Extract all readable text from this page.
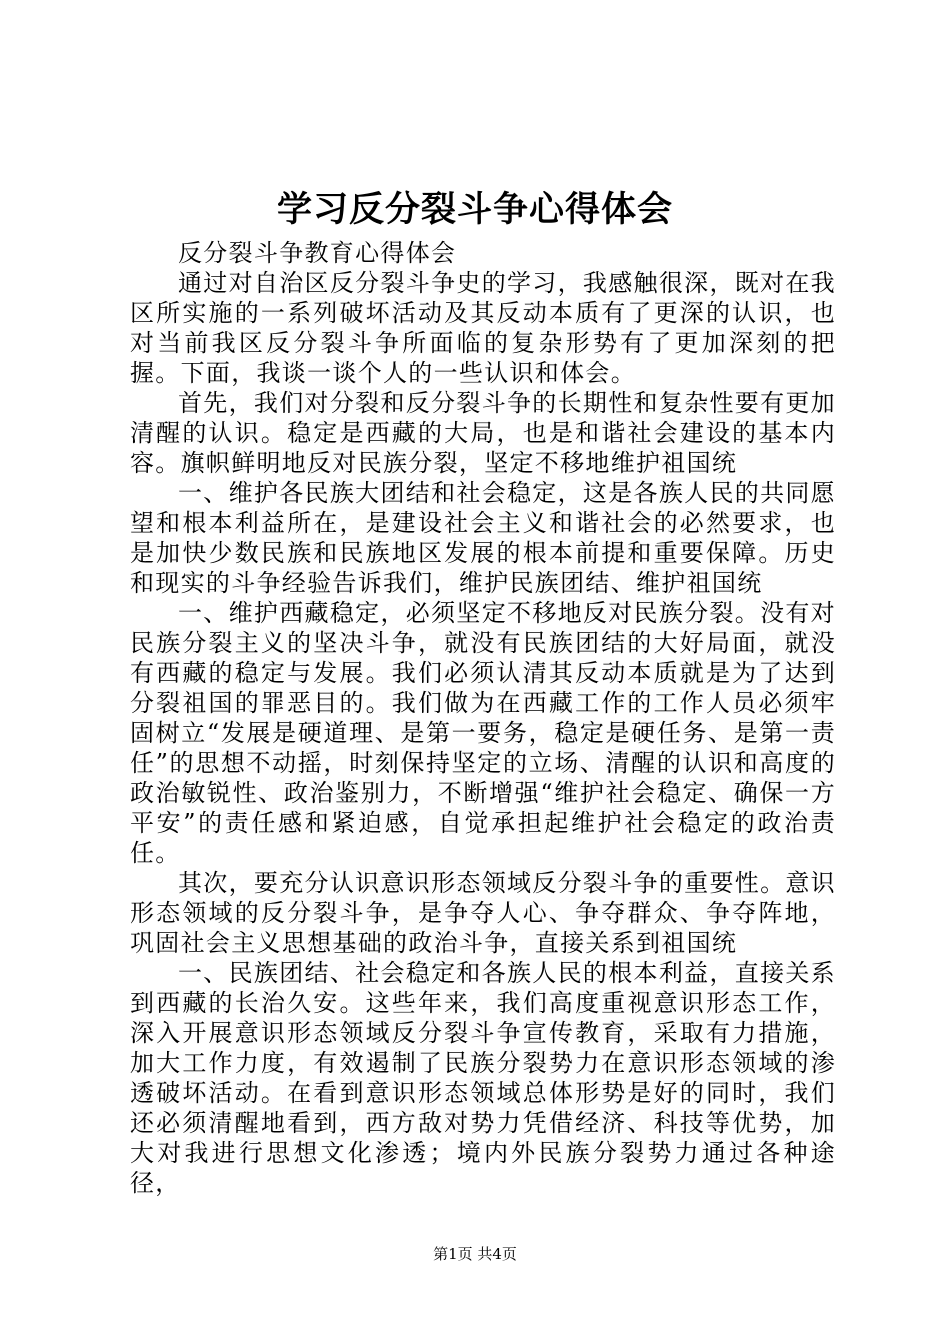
学习反分裂斗争心得体会

反分裂斗争教育心得体会

通过对自治区反分裂斗争史的学习，我感触很深，既对在我区所实施的一系列破坏活动及其反动本质有了更深的认识，也对当前我区反分裂斗争所面临的复杂形势有了更加深刻的把握。下面，我谈一谈个人的一些认识和体会。

首先，我们对分裂和反分裂斗争的长期性和复杂性要有更加清醒的认识。稳定是西藏的大局，也是和谐社会建设的基本内容。旗帜鲜明地反对民族分裂，坚定不移地维护祖国统

一、维护各民族大团结和社会稳定，这是各族人民的共同愿望和根本利益所在，是建设社会主义和谐社会的必然要求，也是加快少数民族和民族地区发展的根本前提和重要保障。历史和现实的斗争经验告诉我们，维护民族团结、维护祖国统

一、维护西藏稳定，必须坚定不移地反对民族分裂。没有对民族分裂主义的坚决斗争，就没有民族团结的大好局面，就没有西藏的稳定与发展。我们必须认清其反动本质就是为了达到分裂祖国的罪恶目的。我们做为在西藏工作的工作人员必须牢固树立“发展是硬道理、是第一要务，稳定是硬任务、是第一责任”的思想不动摇，时刻保持坚定的立场、清醒的认识和高度的政治敏锐性、政治鉴别力，不断增强“维护社会稳定、确保一方平安”的责任感和紧迫感，自觉承担起维护社会稳定的政治责任。

其次，要充分认识意识形态领域反分裂斗争的重要性。意识形态领域的反分裂斗争，是争夺人心、争夺群众、争夺阵地，巩固社会主义思想基础的政治斗争，直接关系到祖国统

一、民族团结、社会稳定和各族人民的根本利益，直接关系到西藏的长治久安。这些年来，我们高度重视意识形态工作，深入开展意识形态领域反分裂斗争宣传教育，采取有力措施，加大工作力度，有效遏制了民族分裂势力在意识形态领域的渗透破坏活动。在看到意识形态领域总体形势是好的同时，我们还必须清醒地看到，西方敌对势力凭借经济、科技等优势，加大对我进行思想文化渗透；境内外民族分裂势力通过各种途径，

第1页 共4页
